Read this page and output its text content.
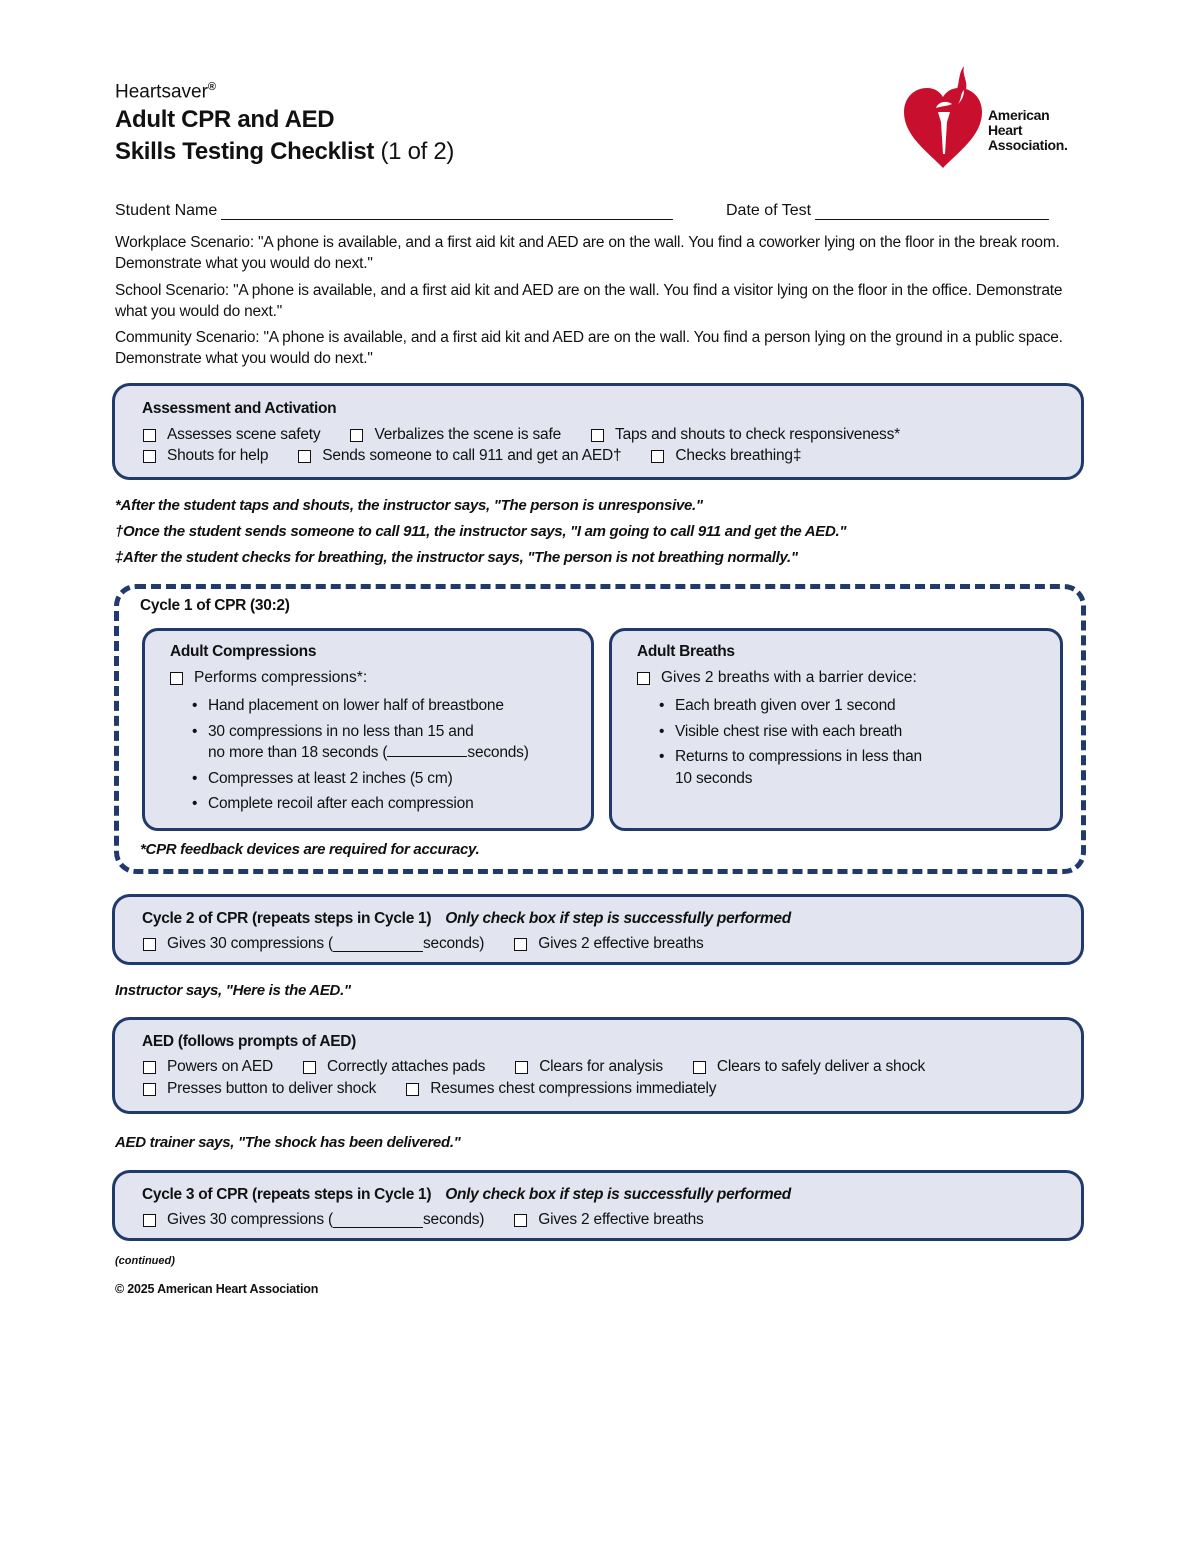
Heartsaver®
Adult CPR and AED
Skills Testing Checklist (1 of 2)
American
Heart
Association.
Student Name	Date of Test
Workplace Scenario: "A phone is available, and a first aid kit and AED are on the wall. You find a coworker lying on the floor in the break room. Demonstrate what you would do next."
School Scenario: "A phone is available, and a first aid kit and AED are on the wall. You find a visitor lying on the floor in the office. Demonstrate what you would do next."
Community Scenario: "A phone is available, and a first aid kit and AED are on the wall. You find a person lying on the ground in a public space. Demonstrate what you would do next."
Assessment and Activation
Assesses scene safety	Verbalizes the scene is safe	Taps and shouts to check responsiveness*
Shouts for help	Sends someone to call 911 and get an AED†	Checks breathing‡
*After the student taps and shouts, the instructor says, "The person is unresponsive."
†Once the student sends someone to call 911, the instructor says, "I am going to call 911 and get the AED."
‡After the student checks for breathing, the instructor says, "The person is not breathing normally."
Cycle 1 of CPR (30:2)
Adult Compressions
Performs compressions*:
• Hand placement on lower half of breastbone
• 30 compressions in no less than 15 and
no more than 18 seconds (	seconds)
• Compresses at least 2 inches (5 cm)
• Complete recoil after each compression
Adult Breaths
Gives 2 breaths with a barrier device:
• Each breath given over 1 second
• Visible chest rise with each breath
• Returns to compressions in less than
10 seconds
*CPR feedback devices are required for accuracy.
Cycle 2 of CPR (repeats steps in Cycle 1) Only check box if step is successfully performed
Gives 30 compressions (	seconds)	Gives 2 effective breaths
Instructor says, "Here is the AED."
AED (follows prompts of AED)
Powers on AED	Correctly attaches pads	Clears for analysis	Clears to safely deliver a shock
Presses button to deliver shock	Resumes chest compressions immediately
AED trainer says, "The shock has been delivered."
Cycle 3 of CPR (repeats steps in Cycle 1) Only check box if step is successfully performed
Gives 30 compressions (	seconds)	Gives 2 effective breaths
(continued)
© 2025 American Heart Association
